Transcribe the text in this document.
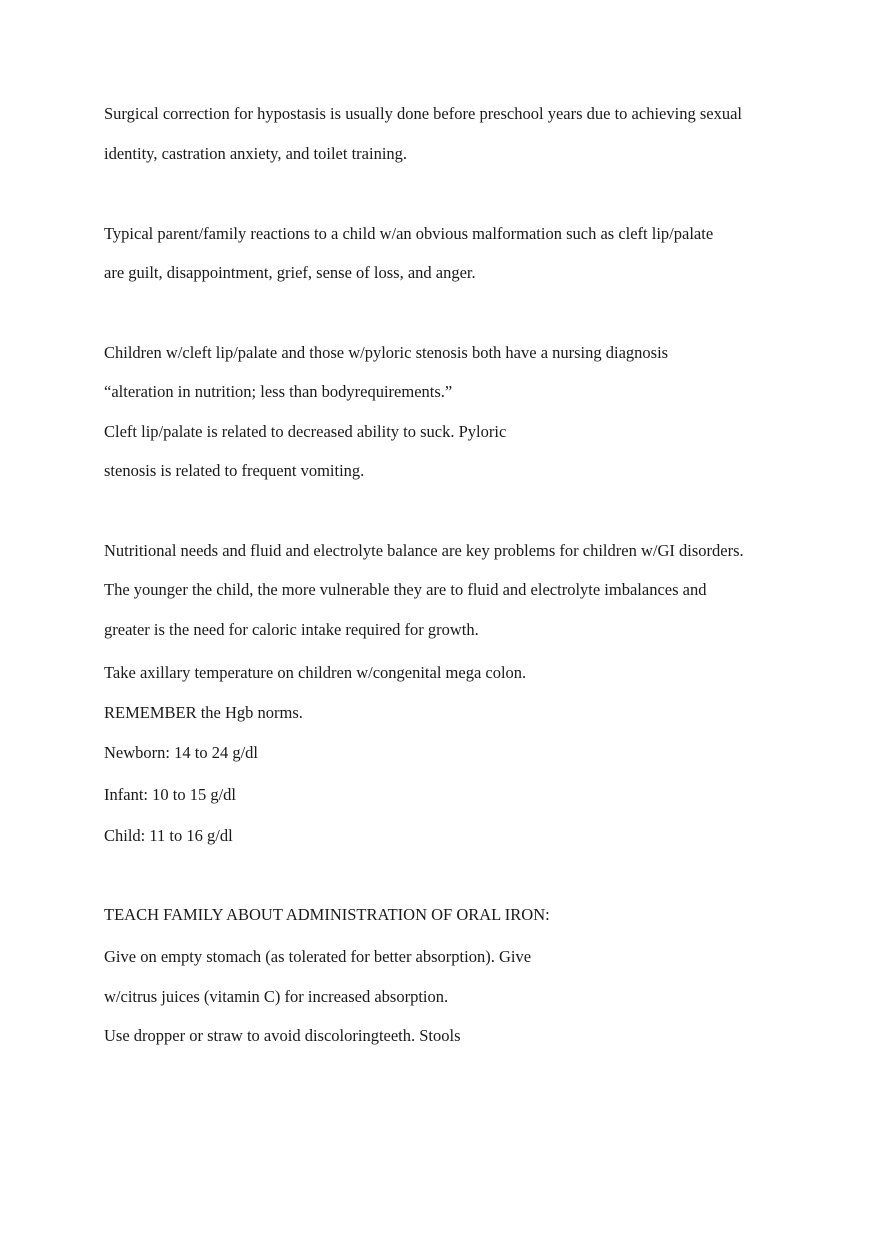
Surgical correction for hypostasis is usually done before preschool years due to achieving sexual

identity, castration anxiety, and toilet training.

Typical parent/family reactions to a child w/an obvious malformation such as cleft lip/palate

are guilt, disappointment, grief, sense of loss, and anger.

Children w/cleft lip/palate and those w/pyloric stenosis both have a nursing diagnosis

“alteration in nutrition; less than bodyrequirements.”

Cleft lip/palate is related to decreased ability to suck. Pyloric

stenosis is related to frequent vomiting.

Nutritional needs and fluid and electrolyte balance are key problems for children w/GI disorders.

The younger the child, the more vulnerable they are to fluid and electrolyte imbalances and

greater is the need for caloric intake required for growth.

Take axillary temperature on children w/congenital mega colon.

REMEMBER the Hgb norms.

Newborn: 14 to 24 g/dl

Infant: 10 to 15 g/dl

Child: 11 to 16 g/dl

TEACH FAMILY ABOUT ADMINISTRATION OF ORAL IRON:

Give on empty stomach (as tolerated for better absorption). Give

w/citrus juices (vitamin C) for increased absorption.

Use dropper or straw to avoid discoloringteeth. Stools
